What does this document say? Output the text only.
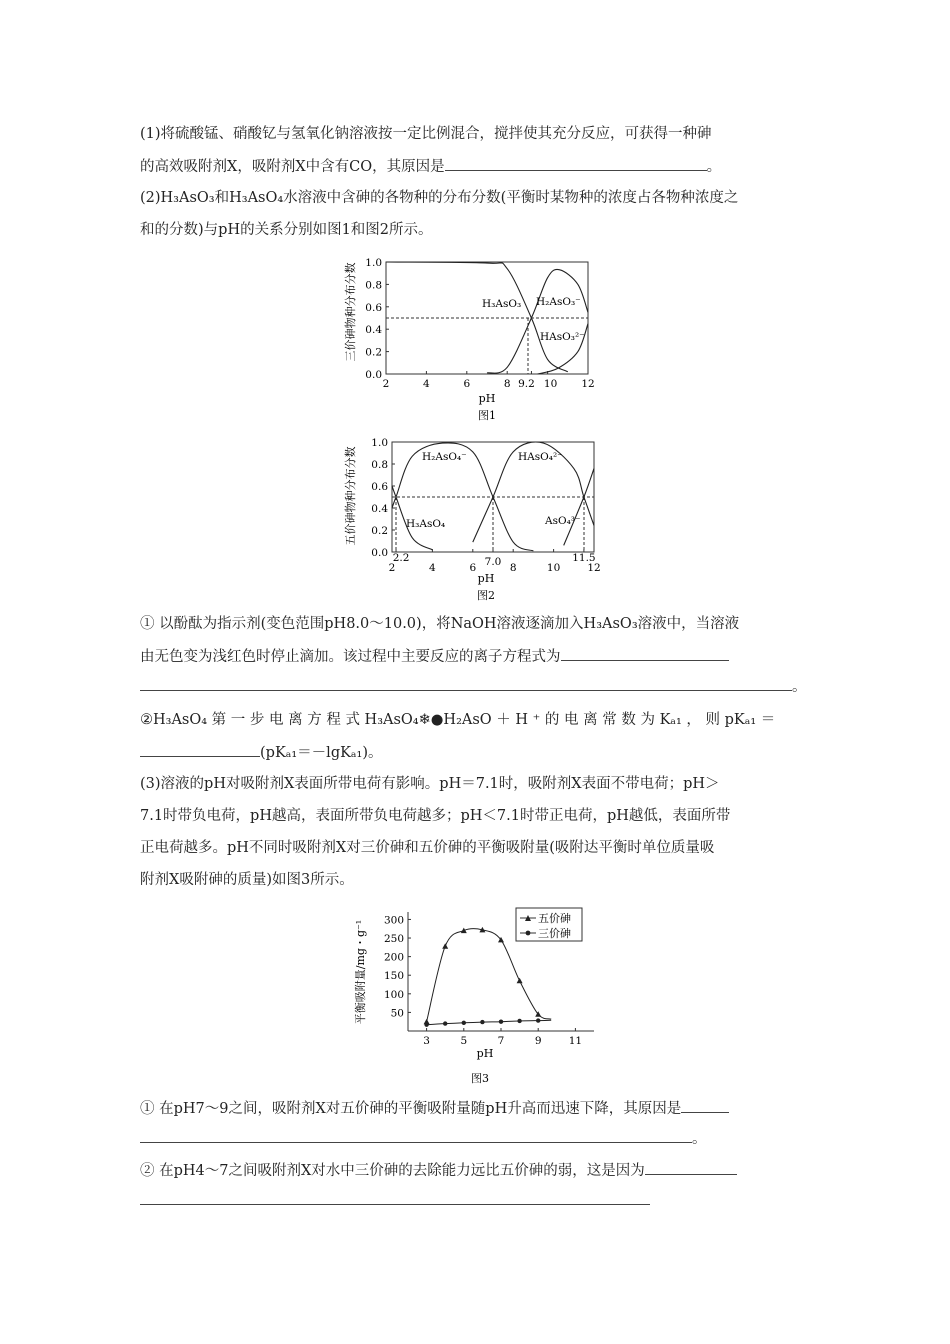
(1)将硫酸锰、硝酸钇与氢氧化钠溶液按一定比例混合，搅拌使其充分反应，可获得一种砷
的高效吸附剂X，吸附剂X中含有CO，其原因是	。
(2)H₃AsO₃和H₃AsO₄水溶液中含砷的各物种的分布分数(平衡时某物种的浓度占各物种浓度之
和的分数)与pH的关系分别如图1和图2所示。
三价砷物种分布分数
0.0
0.2
0.4
0.6
0.8
1.0
2	4	6	8 9.2 10 12
H₃AsO₃ H₂AsO₃⁻
HAsO₃²⁻
pH
图1
五价砷物种分布分数
0.0
0.2
0.4
0.6
0.8
1.0
2
2.2
4	6 7.0 8	10
11.5
12
H₂AsO₄⁻	HAsO₄²⁻
H₃AsO₄	AsO₄³⁻
pH
图2
① 以酚酞为指示剂(变色范围pH8.0～10.0)，将NaOH溶液逐滴加入H₃AsO₃溶液中，当溶液
由无色变为浅红色时停止滴加。该过程中主要反应的离子方程式为
。
②H₃AsO₄ 第 一 步 电 离 方 程 式 H₃AsO₄❄●H₂AsO ＋ H ⁺ 的 电 离 常 数 为 Kₐ₁ ， 则 pKₐ₁ ＝
(pKₐ₁＝－lgKₐ₁)。
(3)溶液的pH对吸附剂X表面所带电荷有影响。pH＝7.1时，吸附剂X表面不带电荷；pH＞
7.1时带负电荷，pH越高，表面所带负电荷越多；pH＜7.1时带正电荷，pH越低，表面所带
正电荷越多。pH不同时吸附剂X对三价砷和五价砷的平衡吸附量(吸附达平衡时单位质量吸
附剂X吸附砷的质量)如图3所示。
平衡吸附量/mg・g⁻¹ 50
100
150
200
250
300
3	5	7	9	11
五价砷
三价砷
pH
图3
① 在pH7～9之间，吸附剂X对五价砷的平衡吸附量随pH升高而迅速下降，其原因是
。
② 在pH4～7之间吸附剂X对水中三价砷的去除能力远比五价砷的弱，这是因为
